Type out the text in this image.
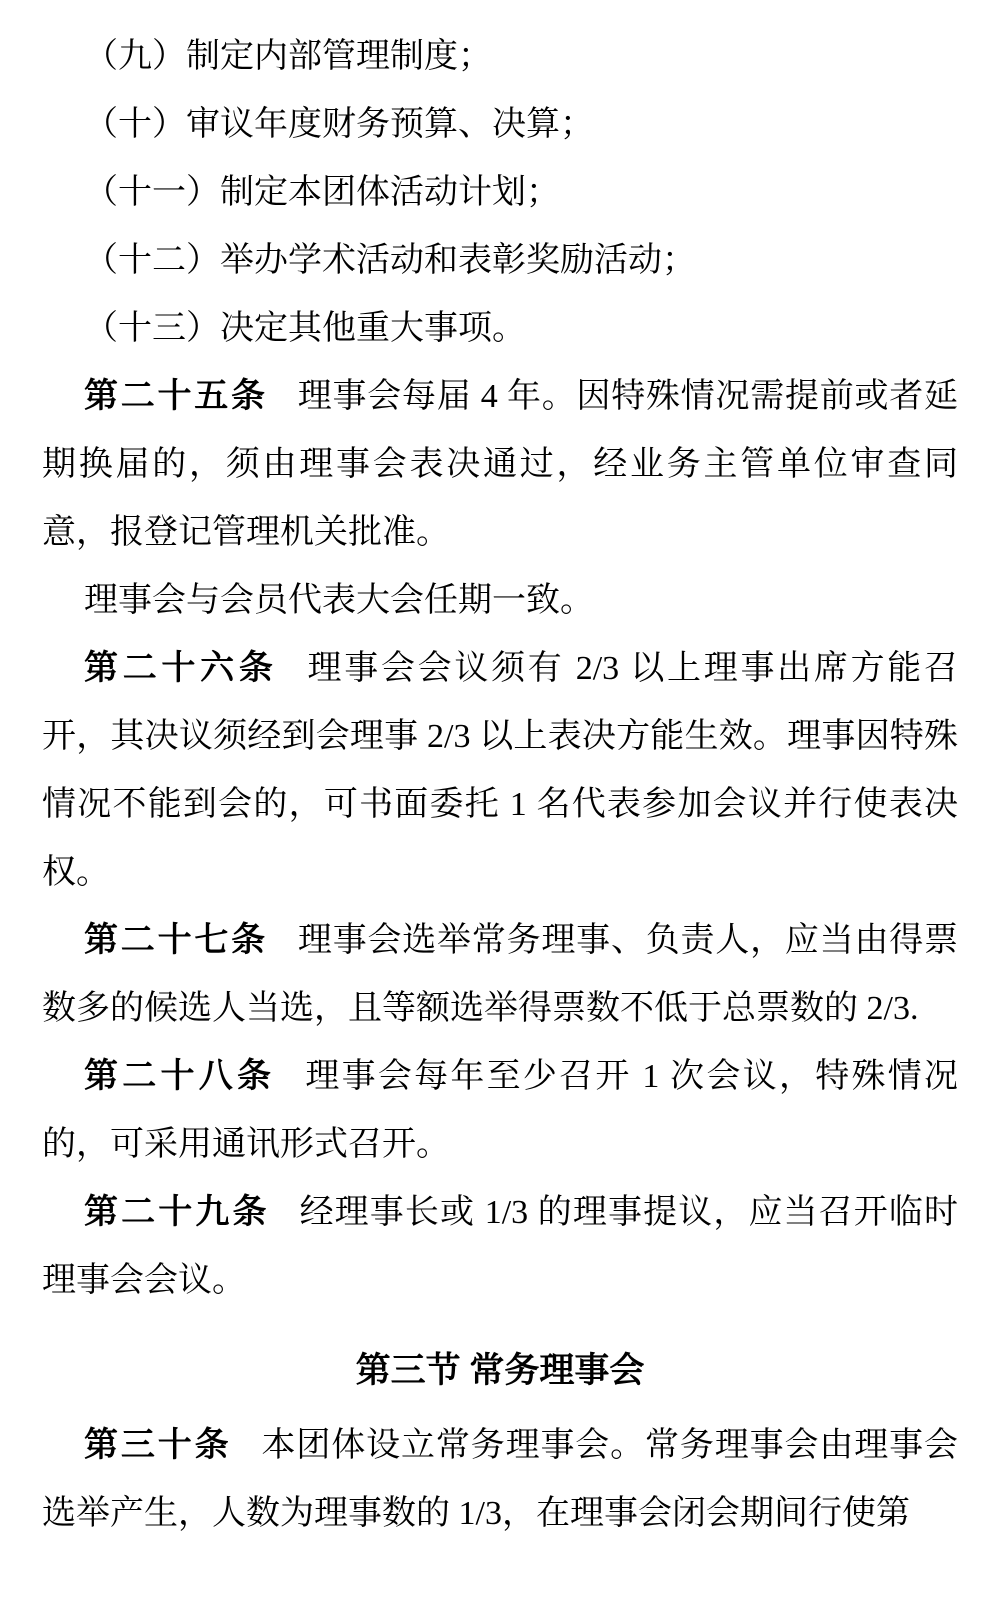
（九）制定内部管理制度；

（十）审议年度财务预算、决算；

（十一）制定本团体活动计划；

（十二）举办学术活动和表彰奖励活动；

（十三）决定其他重大事项。

第二十五条 理事会每届 4 年。因特殊情况需提前或者延期换届的，须由理事会表决通过，经业务主管单位审查同意，报登记管理机关批准。

理事会与会员代表大会任期一致。

第二十六条 理事会会议须有 2/3 以上理事出席方能召开，其决议须经到会理事 2/3 以上表决方能生效。理事因特殊情况不能到会的，可书面委托 1 名代表参加会议并行使表决权。

第二十七条 理事会选举常务理事、负责人，应当由得票数多的候选人当选，且等额选举得票数不低于总票数的 2/3.

第二十八条 理事会每年至少召开 1 次会议，特殊情况的，可采用通讯形式召开。

第二十九条 经理事长或 1/3 的理事提议，应当召开临时理事会会议。

第三节 常务理事会

第三十条 本团体设立常务理事会。常务理事会由理事会选举产生，人数为理事数的 1/3，在理事会闭会期间行使第
